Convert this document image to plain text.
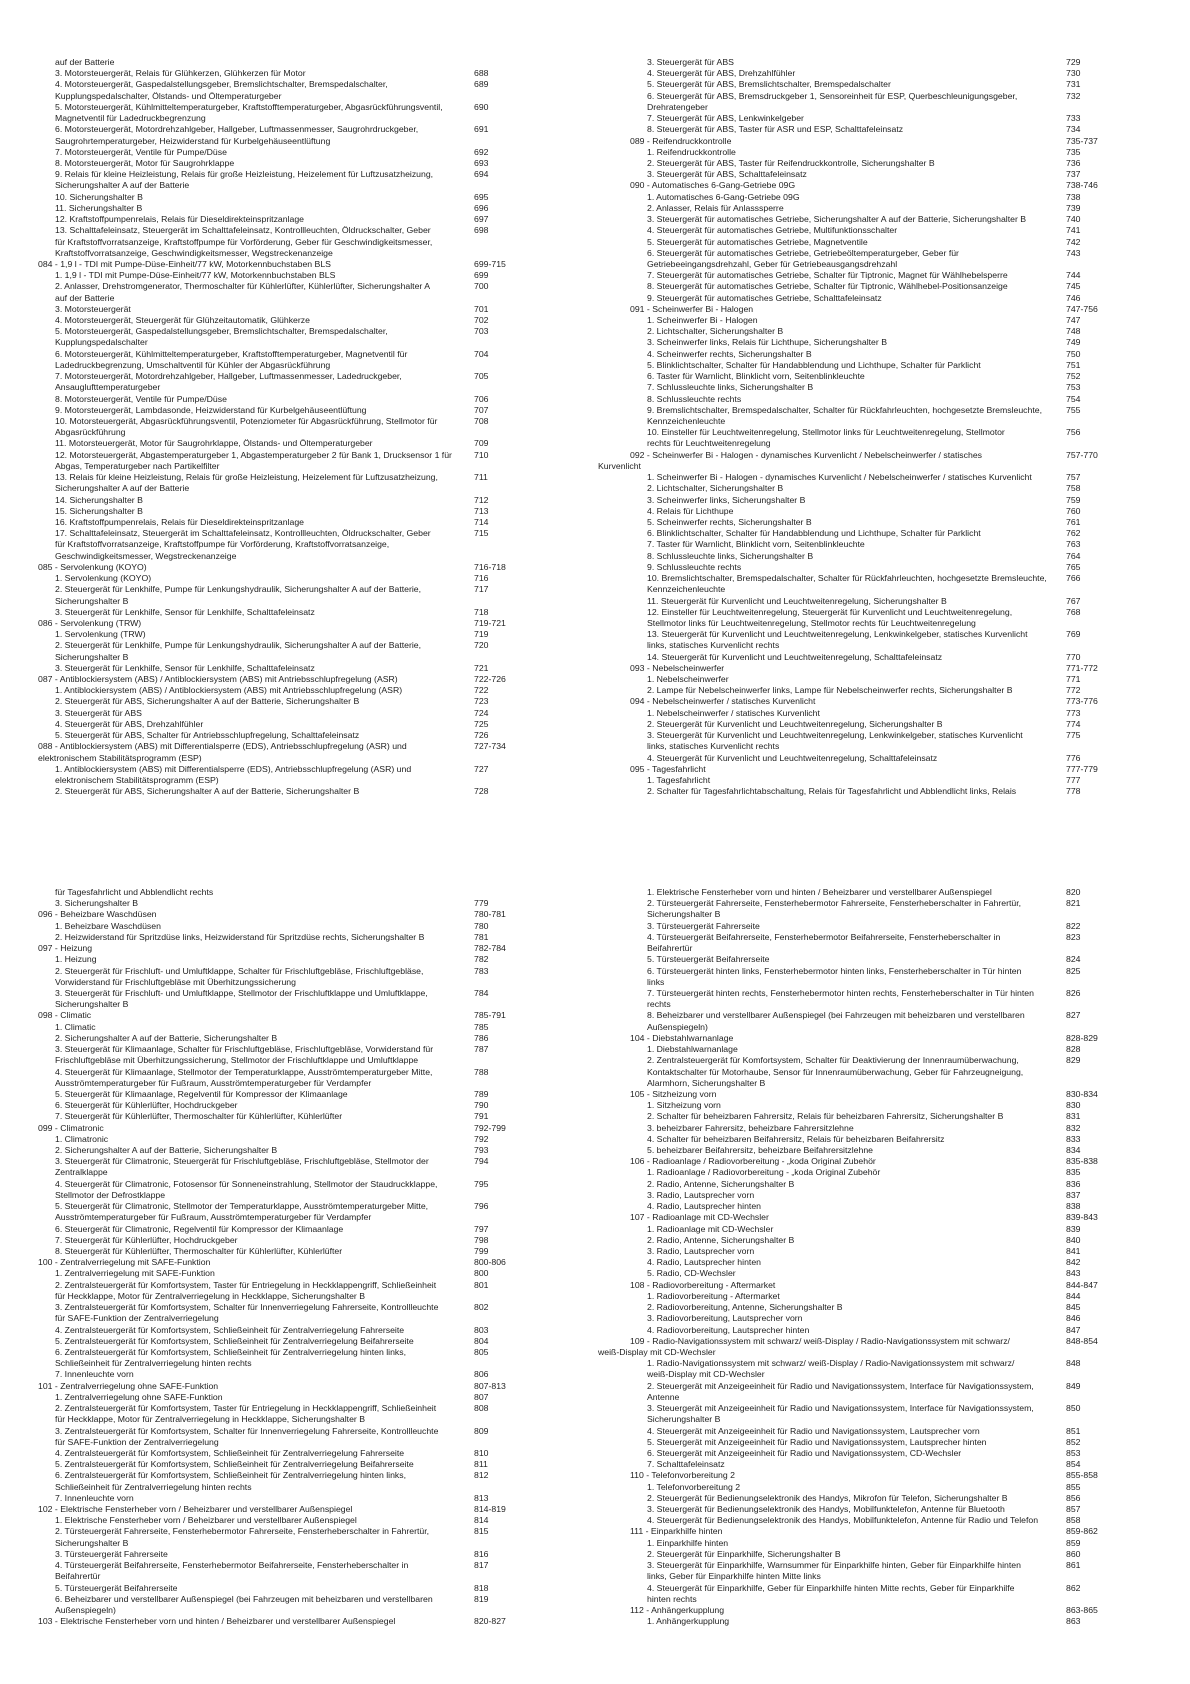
auf der Batterie
3. Motorsteuergerät, Relais für Glühkerzen, Glühkerzen für Motor	688
4. Motorsteuergerät, Gaspedalstellungsgeber, Bremslichtschalter, Bremspedalschalter,	689
Kupplungspedalschalter, Ölstands- und Öltemperaturgeber
5. Motorsteuergerät, Kühlmitteltemperaturgeber, Kraftstofftemperaturgeber, Abgasrückführungsventil,	690
Magnetventil für Ladedruckbegrenzung
6. Motorsteuergerät, Motordrehzahlgeber, Hallgeber, Luftmassenmesser, Saugrohrdruckgeber,	691
Saugrohrtemperaturgeber, Heizwiderstand für Kurbelgehäuseentlüftung
7. Motorsteuergerät, Ventile für Pumpe/Düse	692
8. Motorsteuergerät, Motor für Saugrohrklappe	693
9. Relais für kleine Heizleistung, Relais für große Heizleistung, Heizelement für Luftzusatzheizung,	694
Sicherungshalter A auf der Batterie
10. Sicherungshalter B	695
11. Sicherungshalter B	696
12. Kraftstoffpumpenrelais, Relais für Dieseldirekteinspritzanlage	697
13. Schalttafeleinsatz, Steuergerät im Schalttafeleinsatz, Kontrollleuchten, Öldruckschalter, Geber	698
für Kraftstoffvorratsanzeige, Kraftstoffpumpe für Vorförderung, Geber für Geschwindigkeitsmesser,
Kraftstoffvorratsanzeige, Geschwindigkeitsmesser, Wegstreckenanzeige
084 - 1,9 l - TDI mit Pumpe-Düse-Einheit/77 kW, Motorkennbuchstaben BLS	699-715
1. 1,9 l - TDI mit Pumpe-Düse-Einheit/77 kW, Motorkennbuchstaben BLS	699
2. Anlasser, Drehstromgenerator, Thermoschalter für Kühlerlüfter, Kühlerlüfter, Sicherungshalter A	700
auf der Batterie
3. Motorsteuergerät	701
4. Motorsteuergerät, Steuergerät für Glühzeitautomatik, Glühkerze	702
5. Motorsteuergerät, Gaspedalstellungsgeber, Bremslichtschalter, Bremspedalschalter,	703
Kupplungspedalschalter
6. Motorsteuergerät, Kühlmitteltemperaturgeber, Kraftstofftemperaturgeber, Magnetventil für	704
Ladedruckbegrenzung, Umschaltventil für Kühler der Abgasrückführung
7. Motorsteuergerät, Motordrehzahlgeber, Hallgeber, Luftmassenmesser, Ladedruckgeber,	705
Ansauglufttemperaturgeber
8. Motorsteuergerät, Ventile für Pumpe/Düse	706
9. Motorsteuergerät, Lambdasonde, Heizwiderstand für Kurbelgehäuseentlüftung	707
10. Motorsteuergerät, Abgasrückführungsventil, Potenziometer für Abgasrückführung, Stellmotor für	708
Abgasrückführung
11. Motorsteuergerät, Motor für Saugrohrklappe, Ölstands- und Öltemperaturgeber	709
12. Motorsteuergerät, Abgastemperaturgeber 1, Abgastemperaturgeber 2 für Bank 1, Drucksensor 1 für	710
Abgas, Temperaturgeber nach Partikelfilter
13. Relais für kleine Heizleistung, Relais für große Heizleistung, Heizelement für Luftzusatzheizung,	711
Sicherungshalter A auf der Batterie
14. Sicherungshalter B	712
15. Sicherungshalter B	713
16. Kraftstoffpumpenrelais, Relais für Dieseldirekteinspritzanlage	714
17. Schalttafeleinsatz, Steuergerät im Schalttafeleinsatz, Kontrollleuchten, Öldruckschalter, Geber	715
für Kraftstoffvorratsanzeige, Kraftstoffpumpe für Vorförderung, Kraftstoffvorratsanzeige,
Geschwindigkeitsmesser, Wegstreckenanzeige
085 - Servolenkung (KOYO)	716-718
1. Servolenkung (KOYO)	716
2. Steuergerät für Lenkhilfe, Pumpe für Lenkungshydraulik, Sicherungshalter A auf der Batterie,	717
Sicherungshalter B
3. Steuergerät für Lenkhilfe, Sensor für Lenkhilfe, Schalttafeleinsatz	718
086 - Servolenkung (TRW)	719-721
1. Servolenkung (TRW)	719
2. Steuergerät für Lenkhilfe, Pumpe für Lenkungshydraulik, Sicherungshalter A auf der Batterie,	720
Sicherungshalter B
3. Steuergerät für Lenkhilfe, Sensor für Lenkhilfe, Schalttafeleinsatz	721
087 - Antiblockiersystem (ABS) / Antiblockiersystem (ABS) mit Antriebsschlupfregelung (ASR)	722-726
1. Antiblockiersystem (ABS) / Antiblockiersystem (ABS) mit Antriebsschlupfregelung (ASR)	722
2. Steuergerät für ABS, Sicherungshalter A auf der Batterie, Sicherungshalter B	723
3. Steuergerät für ABS	724
4. Steuergerät für ABS, Drehzahlfühler	725
5. Steuergerät für ABS, Schalter für Antriebsschlupfregelung, Schalttafeleinsatz	726
088 - Antiblockiersystem (ABS) mit Differentialsperre (EDS), Antriebsschlupfregelung (ASR) und	727-734
elektronischem Stabilitätsprogramm (ESP)
1. Antiblockiersystem (ABS) mit Differentialsperre (EDS), Antriebsschlupfregelung (ASR) und	727
elektronischem Stabilitätsprogramm (ESP)
2. Steuergerät für ABS, Sicherungshalter A auf der Batterie, Sicherungshalter B	728
3. Steuergerät für ABS	729
4. Steuergerät für ABS, Drehzahlfühler	730
5. Steuergerät für ABS, Bremslichtschalter, Bremspedalschalter	731
6. Steuergerät für ABS, Bremsdruckgeber 1, Sensoreinheit für ESP, Querbeschleunigungsgeber,	732
Drehratengeber
7. Steuergerät für ABS, Lenkwinkelgeber	733
8. Steuergerät für ABS, Taster für ASR und ESP, Schalttafeleinsatz	734
089 - Reifendruckkontrolle	735-737
1. Reifendruckkontrolle	735
2. Steuergerät für ABS, Taster für Reifendruckkontrolle, Sicherungshalter B	736
3. Steuergerät für ABS, Schalttafeleinsatz	737
090 - Automatisches 6-Gang-Getriebe 09G	738-746
1. Automatisches 6-Gang-Getriebe 09G	738
2. Anlasser, Relais für Anlasssperre	739
3. Steuergerät für automatisches Getriebe, Sicherungshalter A auf der Batterie, Sicherungshalter B	740
4. Steuergerät für automatisches Getriebe, Multifunktionsschalter	741
5. Steuergerät für automatisches Getriebe, Magnetventile	742
6. Steuergerät für automatisches Getriebe, Getriebeöltemperaturgeber, Geber für	743
Getriebeeingangsdrehzahl, Geber für Getriebeausgangsdrehzahl
7. Steuergerät für automatisches Getriebe, Schalter für Tiptronic, Magnet für Wählhebelsperre	744
8. Steuergerät für automatisches Getriebe, Schalter für Tiptronic, Wählhebel-Positionsanzeige	745
9. Steuergerät für automatisches Getriebe, Schalttafeleinsatz	746
091 - Scheinwerfer Bi - Halogen	747-756
1. Scheinwerfer Bi - Halogen	747
2. Lichtschalter, Sicherungshalter B	748
3. Scheinwerfer links, Relais für Lichthupe, Sicherungshalter B	749
4. Scheinwerfer rechts, Sicherungshalter B	750
5. Blinklichtschalter, Schalter für Handabblendung und Lichthupe, Schalter für Parklicht	751
6. Taster für Warnlicht, Blinklicht vorn, Seitenblinkleuchte	752
7. Schlussleuchte links, Sicherungshalter B	753
8. Schlussleuchte rechts	754
9. Bremslichtschalter, Bremspedalschalter, Schalter für Rückfahrleuchten, hochgesetzte Bremsleuchte,	755
Kennzeichenleuchte
10. Einsteller für Leuchtweitenregelung, Stellmotor links für Leuchtweitenregelung, Stellmotor	756
rechts für Leuchtweitenregelung
092 - Scheinwerfer Bi - Halogen - dynamisches Kurvenlicht / Nebelscheinwerfer / statisches	757-770
Kurvenlicht
1. Scheinwerfer Bi - Halogen - dynamisches Kurvenlicht / Nebelscheinwerfer / statisches Kurvenlicht	757
2. Lichtschalter, Sicherungshalter B	758
3. Scheinwerfer links, Sicherungshalter B	759
4. Relais für Lichthupe	760
5. Scheinwerfer rechts, Sicherungshalter B	761
6. Blinklichtschalter, Schalter für Handabblendung und Lichthupe, Schalter für Parklicht	762
7. Taster für Warnlicht, Blinklicht vorn, Seitenblinkleuchte	763
8. Schlussleuchte links, Sicherungshalter B	764
9. Schlussleuchte rechts	765
10. Bremslichtschalter, Bremspedalschalter, Schalter für Rückfahrleuchten, hochgesetzte Bremsleuchte, 766
Kennzeichenleuchte
11. Steuergerät für Kurvenlicht und Leuchtweitenregelung, Sicherungshalter B	767
12. Einsteller für Leuchtweitenregelung, Steuergerät für Kurvenlicht und Leuchtweitenregelung,	768
Stellmotor links für Leuchtweitenregelung, Stellmotor rechts für Leuchtweitenregelung
13. Steuergerät für Kurvenlicht und Leuchtweitenregelung, Lenkwinkelgeber, statisches Kurvenlicht	769
links, statisches Kurvenlicht rechts
14. Steuergerät für Kurvenlicht und Leuchtweitenregelung, Schalttafeleinsatz	770
093 - Nebelscheinwerfer	771-772
1. Nebelscheinwerfer	771
2. Lampe für Nebelscheinwerfer links, Lampe für Nebelscheinwerfer rechts, Sicherungshalter B	772
094 - Nebelscheinwerfer / statisches Kurvenlicht	773-776
1. Nebelscheinwerfer / statisches Kurvenlicht	773
2. Steuergerät für Kurvenlicht und Leuchtweitenregelung, Sicherungshalter B	774
3. Steuergerät für Kurvenlicht und Leuchtweitenregelung, Lenkwinkelgeber, statisches Kurvenlicht	775
links, statisches Kurvenlicht rechts
4. Steuergerät für Kurvenlicht und Leuchtweitenregelung, Schalttafeleinsatz	776
095 - Tagesfahrlicht	777-779
1. Tagesfahrlicht	777
2. Schalter für Tagesfahrlichtabschaltung, Relais für Tagesfahrlicht und Abblendlicht links, Relais	778
für Tagesfahrlicht und Abblendlicht rechts
3. Sicherungshalter B	779
096 - Beheizbare Waschdüsen	780-781
1. Beheizbare Waschdüsen	780
2. Heizwiderstand für Spritzdüse links, Heizwiderstand für Spritzdüse rechts, Sicherungshalter B	781
097 - Heizung	782-784
1. Heizung	782
2. Steuergerät für Frischluft- und Umluftklappe, Schalter für Frischluftgebläse, Frischluftgebläse,	783
Vorwiderstand für Frischluftgebläse mit Überhitzungssicherung
3. Steuergerät für Frischluft- und Umluftklappe, Stellmotor der Frischluftklappe und Umluftklappe,	784
Sicherungshalter B
098 - Climatic	785-791
1. Climatic	785
2. Sicherungshalter A auf der Batterie, Sicherungshalter B	786
3. Steuergerät für Klimaanlage, Schalter für Frischluftgebläse, Frischluftgebläse, Vorwiderstand für	787
Frischluftgebläse mit Überhitzungssicherung, Stellmotor der Frischluftklappe und Umluftklappe
4. Steuergerät für Klimaanlage, Stellmotor der Temperaturklappe, Ausströmtemperaturgeber Mitte,	788
Ausströmtemperaturgeber für Fußraum, Ausströmtemperaturgeber für Verdampfer
5. Steuergerät für Klimaanlage, Regelventil für Kompressor der Klimaanlage	789
6. Steuergerät für Kühlerlüfter, Hochdruckgeber	790
7. Steuergerät für Kühlerlüfter, Thermoschalter für Kühlerlüfter, Kühlerlüfter	791
099 - Climatronic	792-799
1. Climatronic	792
2. Sicherungshalter A auf der Batterie, Sicherungshalter B	793
3. Steuergerät für Climatronic, Steuergerät für Frischluftgebläse, Frischluftgebläse, Stellmotor der	794
Zentralklappe
4. Steuergerät für Climatronic, Fotosensor für Sonneneinstrahlung, Stellmotor der Staudruckklappe,	795
Stellmotor der Defrostklappe
5. Steuergerät für Climatronic, Stellmotor der Temperaturklappe, Ausströmtemperaturgeber Mitte,	796
Ausströmtemperaturgeber für Fußraum, Ausströmtemperaturgeber für Verdampfer
6. Steuergerät für Climatronic, Regelventil für Kompressor der Klimaanlage	797
7. Steuergerät für Kühlerlüfter, Hochdruckgeber	798
8. Steuergerät für Kühlerlüfter, Thermoschalter für Kühlerlüfter, Kühlerlüfter	799
100 - Zentralverriegelung mit SAFE-Funktion	800-806
1. Zentralverriegelung mit SAFE-Funktion	800
2. Zentralsteuergerät für Komfortsystem, Taster für Entriegelung in Heckklappengriff, Schließeinheit	801
für Heckklappe, Motor für Zentralverriegelung in Heckklappe, Sicherungshalter B
3. Zentralsteuergerät für Komfortsystem, Schalter für Innenverriegelung Fahrerseite, Kontrollleuchte	802
für SAFE-Funktion der Zentralverriegelung
4. Zentralsteuergerät für Komfortsystem, Schließeinheit für Zentralverriegelung Fahrerseite	803
5. Zentralsteuergerät für Komfortsystem, Schließeinheit für Zentralverriegelung Beifahrerseite	804
6. Zentralsteuergerät für Komfortsystem, Schließeinheit für Zentralverriegelung hinten links,	805
Schließeinheit für Zentralverriegelung hinten rechts
7. Innenleuchte vorn	806
101 - Zentralverriegelung ohne SAFE-Funktion	807-813
1. Zentralverriegelung ohne SAFE-Funktion	807
2. Zentralsteuergerät für Komfortsystem, Taster für Entriegelung in Heckklappengriff, Schließeinheit	808
für Heckklappe, Motor für Zentralverriegelung in Heckklappe, Sicherungshalter B
3. Zentralsteuergerät für Komfortsystem, Schalter für Innenverriegelung Fahrerseite, Kontrollleuchte	809
für SAFE-Funktion der Zentralverriegelung
4. Zentralsteuergerät für Komfortsystem, Schließeinheit für Zentralverriegelung Fahrerseite	810
5. Zentralsteuergerät für Komfortsystem, Schließeinheit für Zentralverriegelung Beifahrerseite	811
6. Zentralsteuergerät für Komfortsystem, Schließeinheit für Zentralverriegelung hinten links,	812
Schließeinheit für Zentralverriegelung hinten rechts
7. Innenleuchte vorn	813
102 - Elektrische Fensterheber vorn / Beheizbarer und verstellbarer Außenspiegel	814-819
1. Elektrische Fensterheber vorn / Beheizbarer und verstellbarer Außenspiegel	814
2. Türsteuergerät Fahrerseite, Fensterhebermotor Fahrerseite, Fensterheberschalter in Fahrertür,	815
Sicherungshalter B
3. Türsteuergerät Fahrerseite	816
4. Türsteuergerät Beifahrerseite, Fensterhebermotor Beifahrerseite, Fensterheberschalter in	817
Beifahrertür
5. Türsteuergerät Beifahrerseite	818
6. Beheizbarer und verstellbarer Außenspiegel (bei Fahrzeugen mit beheizbaren und verstellbaren	819
Außenspiegeln)
103 - Elektrische Fensterheber vorn und hinten / Beheizbarer und verstellbarer Außenspiegel	820-827
1. Elektrische Fensterheber vorn und hinten / Beheizbarer und verstellbarer Außenspiegel	820
2. Türsteuergerät Fahrerseite, Fensterhebermotor Fahrerseite, Fensterheberschalter in Fahrertür,	821
Sicherungshalter B
3. Türsteuergerät Fahrerseite	822
4. Türsteuergerät Beifahrerseite, Fensterhebermotor Beifahrerseite, Fensterheberschalter in	823
Beifahrertür
5. Türsteuergerät Beifahrerseite	824
6. Türsteuergerät hinten links, Fensterhebermotor hinten links, Fensterheberschalter in Tür hinten	825
links
7. Türsteuergerät hinten rechts, Fensterhebermotor hinten rechts, Fensterheberschalter in Tür hinten	826
rechts
8. Beheizbarer und verstellbarer Außenspiegel (bei Fahrzeugen mit beheizbaren und verstellbaren	827
Außenspiegeln)
104 - Diebstahlwarnanlage	828-829
1. Diebstahlwarnanlage	828
2. Zentralsteuergerät für Komfortsystem, Schalter für Deaktivierung der Innenraumüberwachung,	829
Kontaktschalter für Motorhaube, Sensor für Innenraumüberwachung, Geber für Fahrzeugneigung,
Alarmhorn, Sicherungshalter B
105 - Sitzheizung vorn	830-834
1. Sitzheizung vorn	830
2. Schalter für beheizbaren Fahrersitz, Relais für beheizbaren Fahrersitz, Sicherungshalter B	831
3. beheizbarer Fahrersitz, beheizbare Fahrersitzlehne	832
4. Schalter für beheizbaren Beifahrersitz, Relais für beheizbaren Beifahrersitz	833
5. beheizbarer Beifahrersitz, beheizbare Beifahrersitzlehne	834
106 - Radioanlage / Radiovorbereitung - „koda Original Zubehör	835-838
1. Radioanlage / Radiovorbereitung - „koda Original Zubehör	835
2. Radio, Antenne, Sicherungshalter B	836
3. Radio, Lautsprecher vorn	837
4. Radio, Lautsprecher hinten	838
107 - Radioanlage mit CD-Wechsler	839-843
1. Radioanlage mit CD-Wechsler	839
2. Radio, Antenne, Sicherungshalter B	840
3. Radio, Lautsprecher vorn	841
4. Radio, Lautsprecher hinten	842
5. Radio, CD-Wechsler	843
108 - Radiovorbereitung - Aftermarket	844-847
1. Radiovorbereitung - Aftermarket	844
2. Radiovorbereitung, Antenne, Sicherungshalter B	845
3. Radiovorbereitung, Lautsprecher vorn	846
4. Radiovorbereitung, Lautsprecher hinten	847
109 - Radio-Navigationssystem mit schwarz/ weiß-Display / Radio-Navigationssystem mit schwarz/	848-854
weiß-Display mit CD-Wechsler
1. Radio-Navigationssystem mit schwarz/ weiß-Display / Radio-Navigationssystem mit schwarz/	848
weiß-Display mit CD-Wechsler
2. Steuergerät mit Anzeigeeinheit für Radio und Navigationssystem, Interface für Navigationssystem,	849
Antenne
3. Steuergerät mit Anzeigeeinheit für Radio und Navigationssystem, Interface für Navigationssystem,	850
Sicherungshalter B
4. Steuergerät mit Anzeigeeinheit für Radio und Navigationssystem, Lautsprecher vorn	851
5. Steuergerät mit Anzeigeeinheit für Radio und Navigationssystem, Lautsprecher hinten	852
6. Steuergerät mit Anzeigeeinheit für Radio und Navigationssystem, CD-Wechsler	853
7. Schalttafeleinsatz	854
110 - Telefonvorbereitung 2	855-858
1. Telefonvorbereitung 2	855
2. Steuergerät für Bedienungselektronik des Handys, Mikrofon für Telefon, Sicherungshalter B	856
3. Steuergerät für Bedienungselektronik des Handys, Mobilfunktelefon, Antenne für Bluetooth	857
4. Steuergerät für Bedienungselektronik des Handys, Mobilfunktelefon, Antenne für Radio und Telefon	858
111 - Einparkhilfe hinten	859-862
1. Einparkhilfe hinten	859
2. Steuergerät für Einparkhilfe, Sicherungshalter B	860
3. Steuergerät für Einparkhilfe, Warnsummer für Einparkhilfe hinten, Geber für Einparkhilfe hinten	861
links, Geber für Einparkhilfe hinten Mitte links
4. Steuergerät für Einparkhilfe, Geber für Einparkhilfe hinten Mitte rechts, Geber für Einparkhilfe	862
hinten rechts
112 - Anhängerkupplung	863-865
1. Anhängerkupplung	863
